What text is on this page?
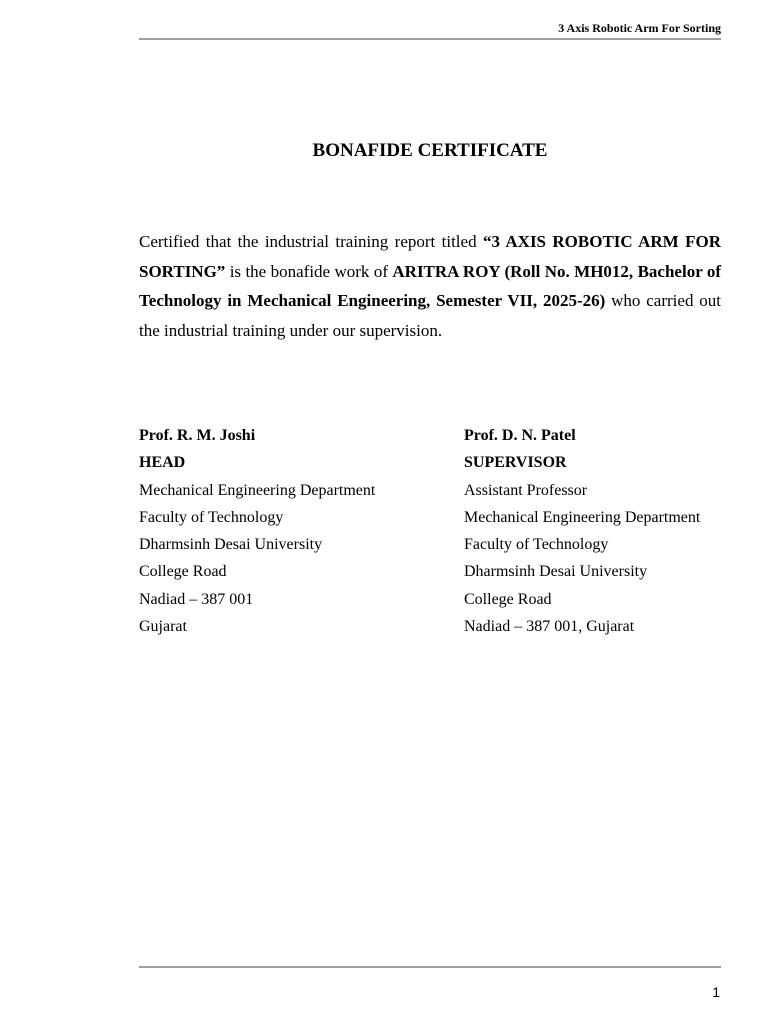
3 Axis Robotic Arm For Sorting
BONAFIDE CERTIFICATE

Certified that the industrial training report titled “3 AXIS ROBOTIC ARM FOR SORTING” is the bonafide work of ARITRA ROY (Roll No. MH012, Bachelor of Technology in Mechanical Engineering, Semester VII, 2025-26) who carried out the industrial training under our supervision.

Prof. R. M. Joshi
HEAD
Mechanical Engineering Department
Faculty of Technology
Dharmsinh Desai University
College Road
Nadiad – 387 001
Gujarat
Prof. D. N. Patel
SUPERVISOR
Assistant Professor
Mechanical Engineering Department
Faculty of Technology
Dharmsinh Desai University
College Road
Nadiad – 387 001, Gujarat
1
